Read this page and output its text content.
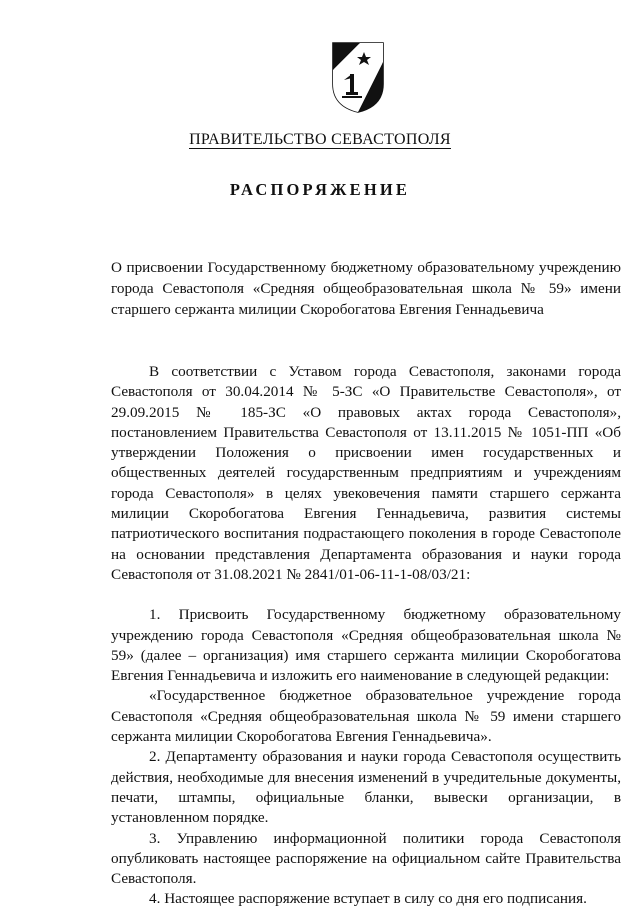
ПРАВИТЕЛЬСТВО СЕВАСТОПОЛЯ
РАСПОРЯЖЕНИЕ
О присвоении Государственному бюджетному образовательному учреждению города Севастополя «Средняя общеобразовательная школа № 59» имени старшего сержанта милиции Скоробогатова Евгения Геннадьевича

В соответствии с Уставом города Севастополя, законами города Севастополя от 30.04.2014 № 5-ЗС «О Правительстве Севастополя», от 29.09.2015 № 185-ЗС «О правовых актах города Севастополя», постановлением Правительства Севастополя от 13.11.2015 № 1051-ПП «Об утверждении Положения о присвоении имен государственных и общественных деятелей государственным предприятиям и учреждениям города Севастополя» в целях увековечения памяти старшего сержанта милиции Скоробогатова Евгения Геннадьевича, развития системы патриотического воспитания подрастающего поколения в городе Севастополе на основании представления Департамента образования и науки города Севастополя от 31.08.2021 № 2841/01-06-11-1-08/03/21:

1. Присвоить Государственному бюджетному образовательному учреждению города Севастополя «Средняя общеобразовательная школа № 59» (далее – организация) имя старшего сержанта милиции Скоробогатова Евгения Геннадьевича и изложить его наименование в следующей редакции:

«Государственное бюджетное образовательное учреждение города Севастополя «Средняя общеобразовательная школа № 59 имени старшего сержанта милиции Скоробогатова Евгения Геннадьевича».

2. Департаменту образования и науки города Севастополя осуществить действия, необходимые для внесения изменений в учредительные документы, печати, штампы, официальные бланки, вывески организации, в установленном порядке.

3. Управлению информационной политики города Севастополя опубликовать настоящее распоряжение на официальном сайте Правительства Севастополя.

4. Настоящее распоряжение вступает в силу со дня его подписания.
